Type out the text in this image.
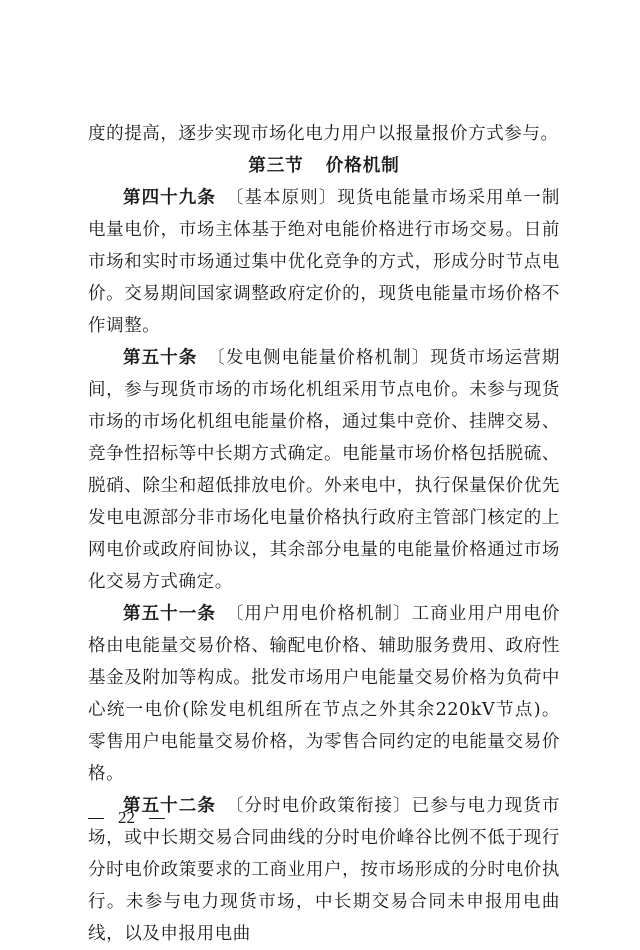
度的提高，逐步实现市场化电力用户以报量报价方式参与。

第三节 价格机制

第四十九条  〔基本原则〕现货电能量市场采用单一制电量电价，市场主体基于绝对电能价格进行市场交易。日前市场和实时市场通过集中优化竞争的方式，形成分时节点电价。交易期间国家调整政府定价的，现货电能量市场价格不作调整。

第五十条  〔发电侧电能量价格机制〕现货市场运营期间，参与现货市场的市场化机组采用节点电价。未参与现货市场的市场化机组电能量价格，通过集中竞价、挂牌交易、竞争性招标等中长期方式确定。电能量市场价格包括脱硫、脱硝、除尘和超低排放电价。外来电中，执行保量保价优先发电电源部分非市场化电量价格执行政府主管部门核定的上网电价或政府间协议，其余部分电量的电能量价格通过市场化交易方式确定。

第五十一条  〔用户用电价格机制〕工商业用户用电价格由电能量交易价格、输配电价格、辅助服务费用、政府性基金及附加等构成。批发市场用户电能量交易价格为负荷中心统一电价(除发电机组所在节点之外其余220kV节点)。零售用户电能量交易价格，为零售合同约定的电能量交易价格。

第五十二条  〔分时电价政策衔接〕已参与电力现货市场，或中长期交易合同曲线的分时电价峰谷比例不低于现行分时电价政策要求的工商业用户，按市场形成的分时电价执行。未参与电力现货市场，中长期交易合同未申报用电曲线，以及申报用电曲

22
